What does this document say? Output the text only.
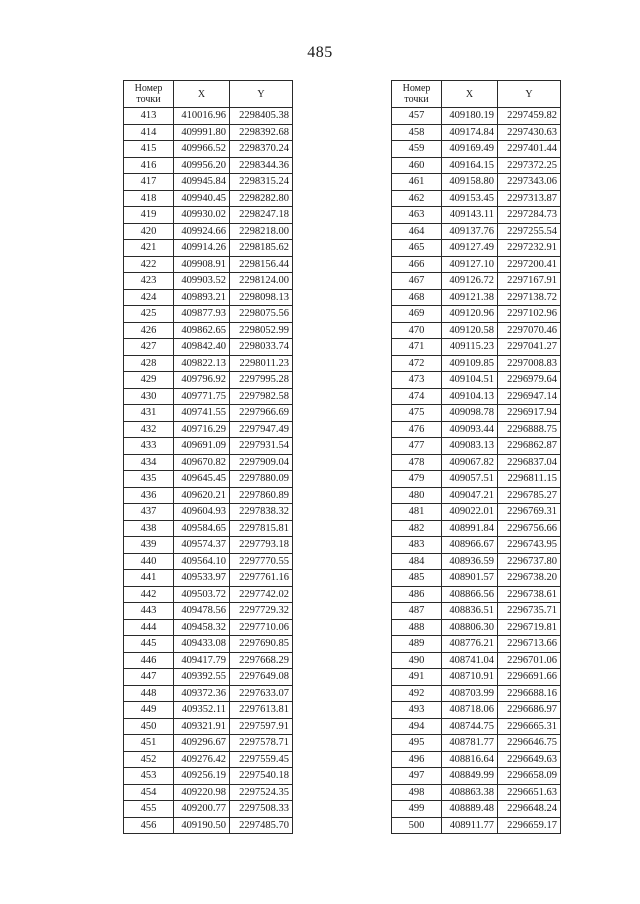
485
Номер
точки	X	Y
413	410016.96	2298405.38
414	409991.80	2298392.68
415	409966.52	2298370.24
416	409956.20	2298344.36
417	409945.84	2298315.24
418	409940.45	2298282.80
419	409930.02	2298247.18
420	409924.66	2298218.00
421	409914.26	2298185.62
422	409908.91	2298156.44
423	409903.52	2298124.00
424	409893.21	2298098.13
425	409877.93	2298075.56
426	409862.65	2298052.99
427	409842.40	2298033.74
428	409822.13	2298011.23
429	409796.92	2297995.28
430	409771.75	2297982.58
431	409741.55	2297966.69
432	409716.29	2297947.49
433	409691.09	2297931.54
434	409670.82	2297909.04
435	409645.45	2297880.09
436	409620.21	2297860.89
437	409604.93	2297838.32
438	409584.65	2297815.81
439	409574.37	2297793.18
440	409564.10	2297770.55
441	409533.97	2297761.16
442	409503.72	2297742.02
443	409478.56	2297729.32
444	409458.32	2297710.06
445	409433.08	2297690.85
446	409417.79	2297668.29
447	409392.55	2297649.08
448	409372.36	2297633.07
449	409352.11	2297613.81
450	409321.91	2297597.91
451	409296.67	2297578.71
452	409276.42	2297559.45
453	409256.19	2297540.18
454	409220.98	2297524.35
455	409200.77	2297508.33
456	409190.50	2297485.70
Номер
точки	X	Y
457	409180.19	2297459.82
458	409174.84	2297430.63
459	409169.49	2297401.44
460	409164.15	2297372.25
461	409158.80	2297343.06
462	409153.45	2297313.87
463	409143.11	2297284.73
464	409137.76	2297255.54
465	409127.49	2297232.91
466	409127.10	2297200.41
467	409126.72	2297167.91
468	409121.38	2297138.72
469	409120.96	2297102.96
470	409120.58	2297070.46
471	409115.23	2297041.27
472	409109.85	2297008.83
473	409104.51	2296979.64
474	409104.13	2296947.14
475	409098.78	2296917.94
476	409093.44	2296888.75
477	409083.13	2296862.87
478	409067.82	2296837.04
479	409057.51	2296811.15
480	409047.21	2296785.27
481	409022.01	2296769.31
482	408991.84	2296756.66
483	408966.67	2296743.95
484	408936.59	2296737.80
485	408901.57	2296738.20
486	408866.56	2296738.61
487	408836.51	2296735.71
488	408806.30	2296719.81
489	408776.21	2296713.66
490	408741.04	2296701.06
491	408710.91	2296691.66
492	408703.99	2296688.16
493	408718.06	2296686.97
494	408744.75	2296665.31
495	408781.77	2296646.75
496	408816.64	2296649.63
497	408849.99	2296658.09
498	408863.38	2296651.63
499	408889.48	2296648.24
500	408911.77	2296659.17
